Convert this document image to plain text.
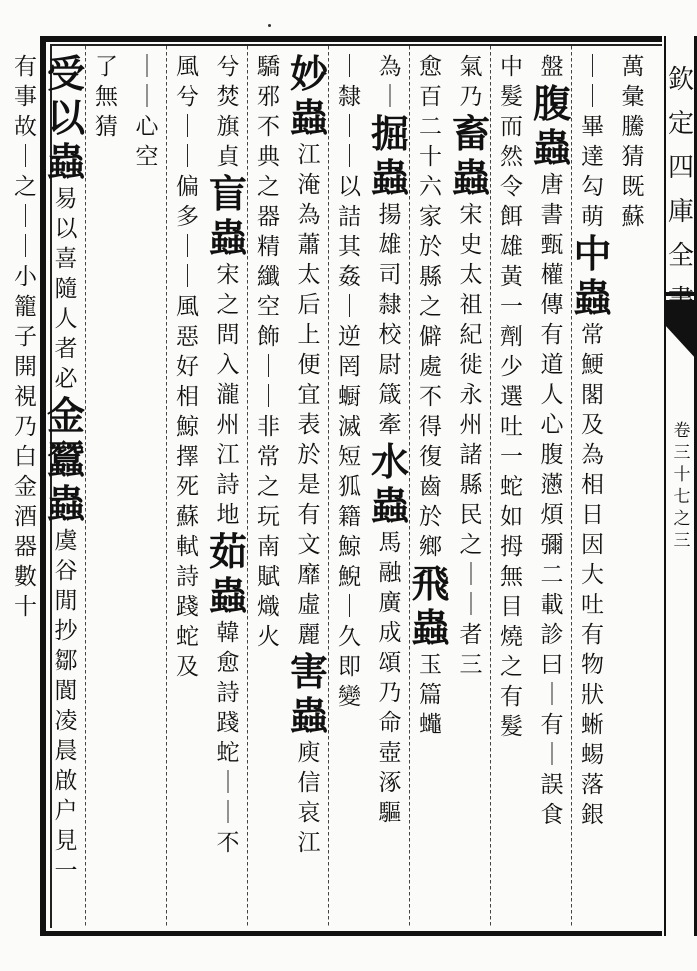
萬
彙
騰
猜
既
蘇
｜
｜
畢
達
勾
萌
中
蟲
常
鯁
閣
及
為
相
日
因
大
吐
有
物
狀
蜥
蜴
落
銀
盤
腹
蟲
唐
書
甄
權
傳
有
道
人
心
腹
懣
煩
彌
二
載
診
曰
｜
有
｜
誤
食
中
髮
而
然
令
餌
雄
黃
一
劑
少
選
吐
一
蛇
如
拇
無
目
燒
之
有
髮
氣
乃
畜
蟲
宋
史
太
祖
紀
徙
永
州
諸
縣
民
之
｜
｜
者
三
愈
百
二
十
六
家
於
縣
之
僻
處
不
得
復
齒
於
鄉
飛
蟲
玉
篇
𧕓
為
｜
掘
蟲
揚
雄
司
隸
校
尉
箴
牽
水
蟲
馬
融
廣
成
頌
乃
命
壺
涿
驅
｜
隸
｜
｜
以
詰
其
姦
｜
逆
罔
蟵
滅
短
狐
籍
鯨
鯢
｜
久
即
變
妙
蟲
江
淹
為
蕭
太
后
上
便
宜
表
於
是
有
文
靡
虛
麗
害
蟲
庾
信
哀
江
驕
邪
不
典
之
器
精
纖
空
飾
｜
｜
非
常
之
玩
南
賦
熾
火
兮
焚
旗
貞
盲
蟲
宋
之
問
入
瀧
州
江
詩
地
茹
蟲
韓
愈
詩
踐
蛇
｜
｜
不
風
兮
｜
｜
偏
多
｜
｜
風
惡
好
相
鯨
擇
死
蘇
軾
詩
踐
蛇
及
｜
｜
心
空
了
無
猜
受
以
蟲
易
以
喜
隨
人
者
必
金
蠶
蟲
虞
谷
閒
抄
鄒
閬
凌
晨
啟
户
見
一
有
事
故
｜
之
｜
｜
小
籠
子
開
視
乃
白
金
酒
器
數
十
欽
定
四
庫
全
卷
三
十
七
之
三
